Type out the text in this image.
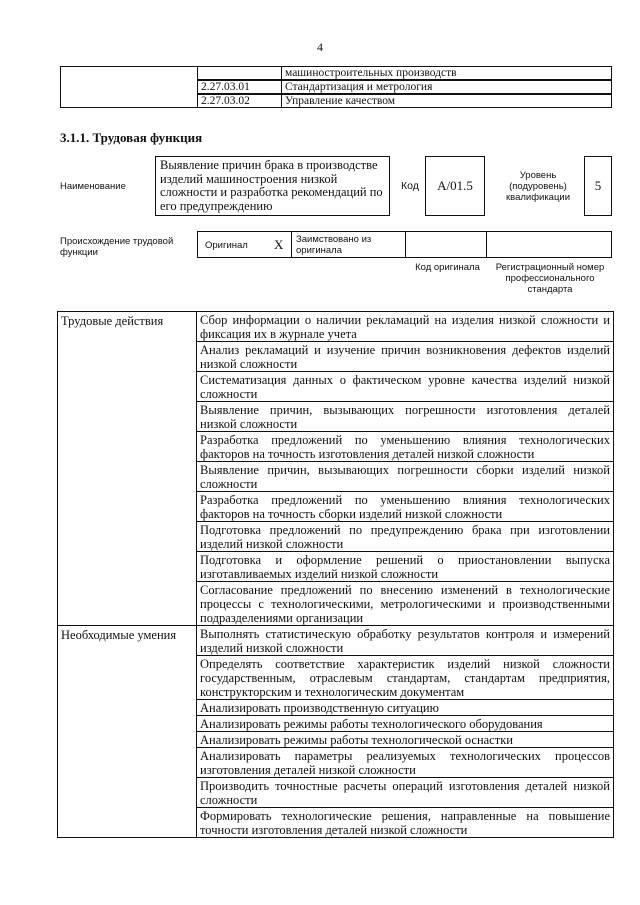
4
машиностроительных производств
2.27.03.01	Стандартизация и метрология
2.27.03.02	Управление качеством
3.1.1. Трудовая функция
Наименование
Выявление причин брака в производстве изделий машиностроения низкой сложности и разработка рекомендаций по его предупреждению
Код	A/01.5
Уровень (подуровень) квалификации
5
Происхождение трудовой функции
Оригинал X Заимствовано из оригинала
Код оригинала	Регистрационный номер профессионального стандарта
Трудовые действия	Сбор информации о наличии рекламаций на изделия низкой сложности и фиксация их в журнале учета
	Анализ рекламаций и изучение причин возникновения дефектов изделий низкой сложности
	Систематизация данных о фактическом уровне качества изделий низкой сложности
	Выявление причин, вызывающих погрешности изготовления деталей низкой сложности
	Разработка предложений по уменьшению влияния технологических факторов на точность изготовления деталей низкой сложности
	Выявление причин, вызывающих погрешности сборки изделий низкой сложности
	Разработка предложений по уменьшению влияния технологических факторов на точность сборки изделий низкой сложности
	Подготовка предложений по предупреждению брака при изготовлении изделий низкой сложности
	Подготовка и оформление решений о приостановлении выпуска изготавливаемых изделий низкой сложности
	Согласование предложений по внесению изменений в технологические процессы с технологическими, метрологическими и производственными подразделениями организации
Необходимые умения	Выполнять статистическую обработку результатов контроля и измерений изделий низкой сложности
	Определять соответствие характеристик изделий низкой сложности государственным, отраслевым стандартам, стандартам предприятия, конструкторским и технологическим документам
	Анализировать производственную ситуацию
	Анализировать режимы работы технологического оборудования
	Анализировать режимы работы технологической оснастки
	Анализировать параметры реализуемых технологических процессов изготовления деталей низкой сложности
	Производить точностные расчеты операций изготовления деталей низкой сложности
	Формировать технологические решения, направленные на повышение точности изготовления деталей низкой сложности
